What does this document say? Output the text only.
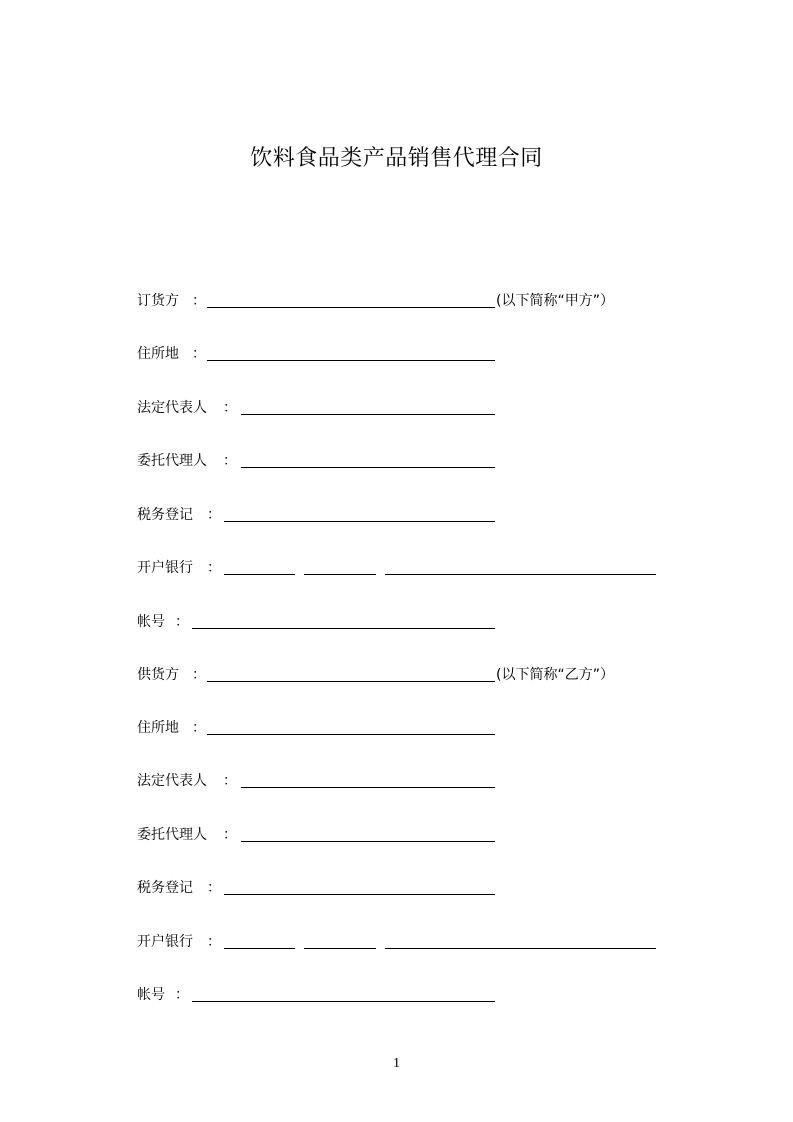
饮料食品类产品销售代理合同
订货方 ：	(以下简称“甲方”）
住所地 ：
法定代表人 ：
委托代理人 ：
税务登记 ：
开户银行 ：
帐号 ：
供货方 ：	(以下简称“乙方”）
住所地 ：
法定代表人 ：
委托代理人 ：
税务登记 ：
开户银行 ：
帐号 ：
1
